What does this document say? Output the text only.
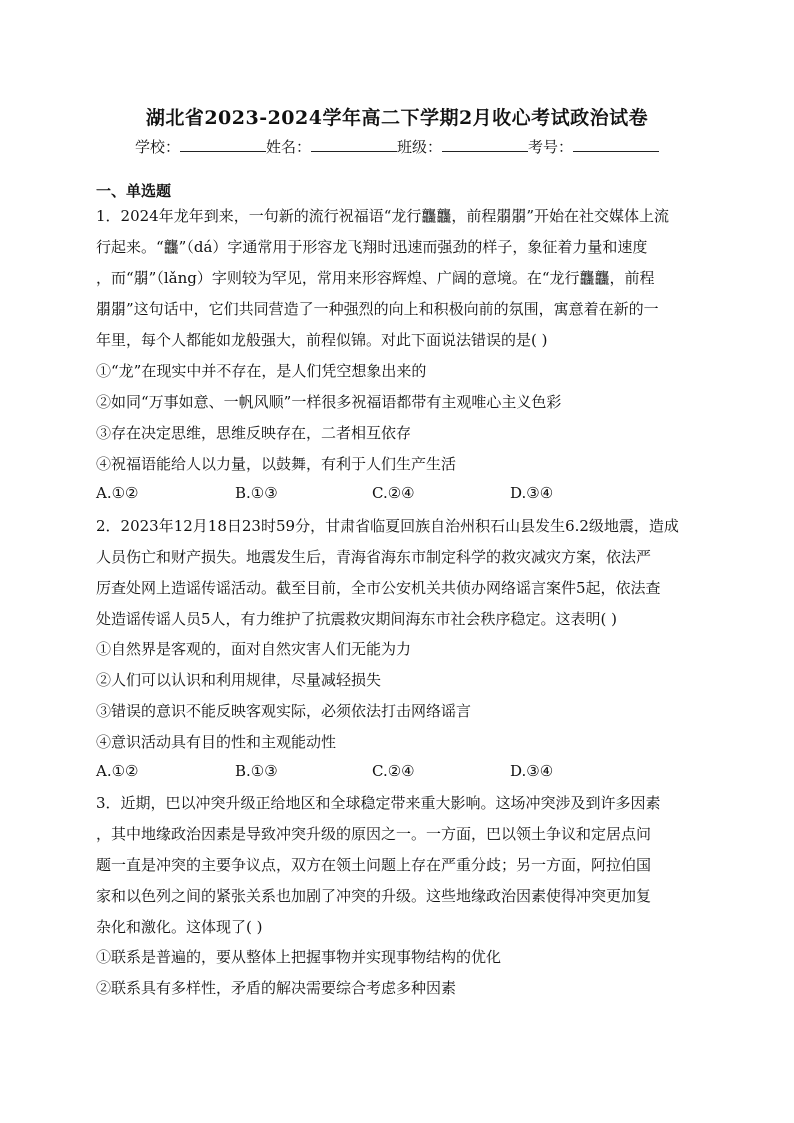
湖北省2023-2024学年高二下学期2月收心考试政治试卷
学校：	姓名：	班级：	考号：
一、单选题
1．2024年龙年到来，一句新的流行祝福语“龙行龘龘，前程朤朤”开始在社交媒体上流
行起来。“龘”（dá）字通常用于形容龙飞翔时迅速而强劲的样子，象征着力量和速度
，而“朤”（lǎng）字则较为罕见，常用来形容辉煌、广阔的意境。在“龙行龘龘，前程
朤朤”这句话中，它们共同营造了一种强烈的向上和积极向前的氛围，寓意着在新的一
年里，每个人都能如龙般强大，前程似锦。对此下面说法错误的是( )
①“龙”在现实中并不存在，是人们凭空想象出来的
②如同“万事如意、一帆风顺”一样很多祝福语都带有主观唯心主义色彩
③存在决定思维，思维反映存在，二者相互依存
④祝福语能给人以力量，以鼓舞，有利于人们生产生活
A.①②	B.①③	C.②④	D.③④
2．2023年12月18日23时59分，甘肃省临夏回族自治州积石山县发生6.2级地震，造成
人员伤亡和财产损失。地震发生后，青海省海东市制定科学的救灾减灾方案，依法严
厉查处网上造谣传谣活动。截至目前，全市公安机关共侦办网络谣言案件5起，依法查
处造谣传谣人员5人，有力维护了抗震救灾期间海东市社会秩序稳定。这表明( )
①自然界是客观的，面对自然灾害人们无能为力
②人们可以认识和利用规律，尽量减轻损失
③错误的意识不能反映客观实际，必须依法打击网络谣言
④意识活动具有目的性和主观能动性
A.①②	B.①③	C.②④	D.③④
3．近期，巴以冲突升级正给地区和全球稳定带来重大影响。这场冲突涉及到许多因素
，其中地缘政治因素是导致冲突升级的原因之一。一方面，巴以领土争议和定居点问
题一直是冲突的主要争议点，双方在领土问题上存在严重分歧；另一方面，阿拉伯国
家和以色列之间的紧张关系也加剧了冲突的升级。这些地缘政治因素使得冲突更加复
杂化和激化。这体现了( )
①联系是普遍的，要从整体上把握事物并实现事物结构的优化
②联系具有多样性，矛盾的解决需要综合考虑多种因素
